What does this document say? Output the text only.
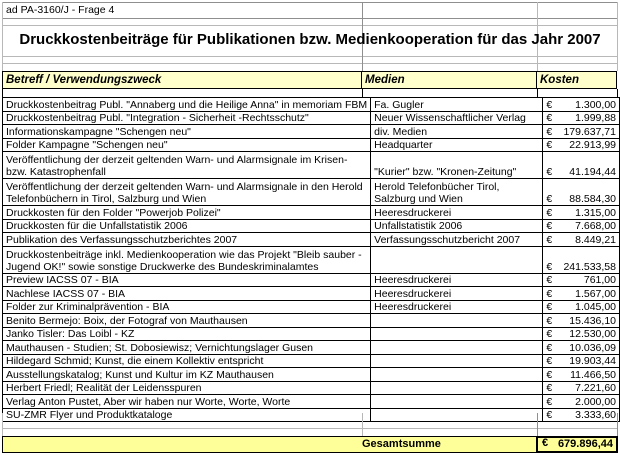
ad PA-3160/J - Frage 4
Druckkostenbeiträge für Publikationen bzw. Medienkooperation für das Jahr 2007
Betreff / Verwendungszweck	Medien	Kosten
Druckkostenbeitrag Publ. "Annaberg und die Heilige Anna" in memoriam FBM	Fa. Gugler	€ 1.300,00
Druckkostenbeitrag Publ. "Integration - Sicherheit -Rechtsschutz"	Neuer Wissenschaftlicher Verlag	€ 1.999,88
Informationskampagne "Schengen neu"	div. Medien	€ 179.637,71
Folder Kampagne "Schengen neu"	Headquarter	€ 22.913,99
Veröffentlichung der derzeit geltenden Warn- und Alarmsignale im Krisen- bzw. Katastrophenfall	"Kurier" bzw. "Kronen-Zeitung"	€ 41.194,44
Veröffentlichung der derzeit geltenden Warn- und Alarmsignale in den Herold Telefonbüchern in Tirol, Salzburg und Wien	Herold Telefonbücher Tirol, Salzburg und Wien	€ 88.584,30
Druckkosten für den Folder "Powerjob Polizei"	Heeresdruckerei	€ 1.315,00
Druckkosten für die Unfallstatistik 2006	Unfallstatistik 2006	€ 7.668,00
Publikation des Verfassungsschutzberichtes 2007	Verfassungsschutzbericht 2007	€ 8.449,21
Druckkostenbeiträge inkl. Medienkooperation wie das Projekt "Bleib sauber - Jugend OK!" sowie sonstige Druckwerke des Bundeskriminalamtes		€ 241.533,58
Preview IACSS 07 - BIA	Heeresdruckerei	€ 761,00
Nachlese IACSS 07 - BIA	Heeresdruckerei	€ 1.567,00
Folder zur Kriminalprävention - BIA	Heeresdruckerei	€ 1.045,00
Benito Bermejo: Boix, der Fotograf von Mauthausen		€ 15.436,10
Janko Tisler: Das Loibl - KZ		€ 12.530,00
Mauthausen - Studien; St. Dobosiewisz; Vernichtungslager Gusen		€ 10.036,09
Hildegard Schmid; Kunst, die einem Kollektiv entspricht		€ 19.903,44
Ausstellungskatalog; Kunst und Kultur im KZ Mauthausen		€ 11.466,50
Herbert Friedl; Realität der Leidensspuren		€ 7.221,60
Verlag Anton Pustet, Aber wir haben nur Worte, Worte, Worte		€ 2.000,00
SU-ZMR Flyer und Produktkataloge		€ 3.333,60
Gesamtsumme	€ 679.896,44
